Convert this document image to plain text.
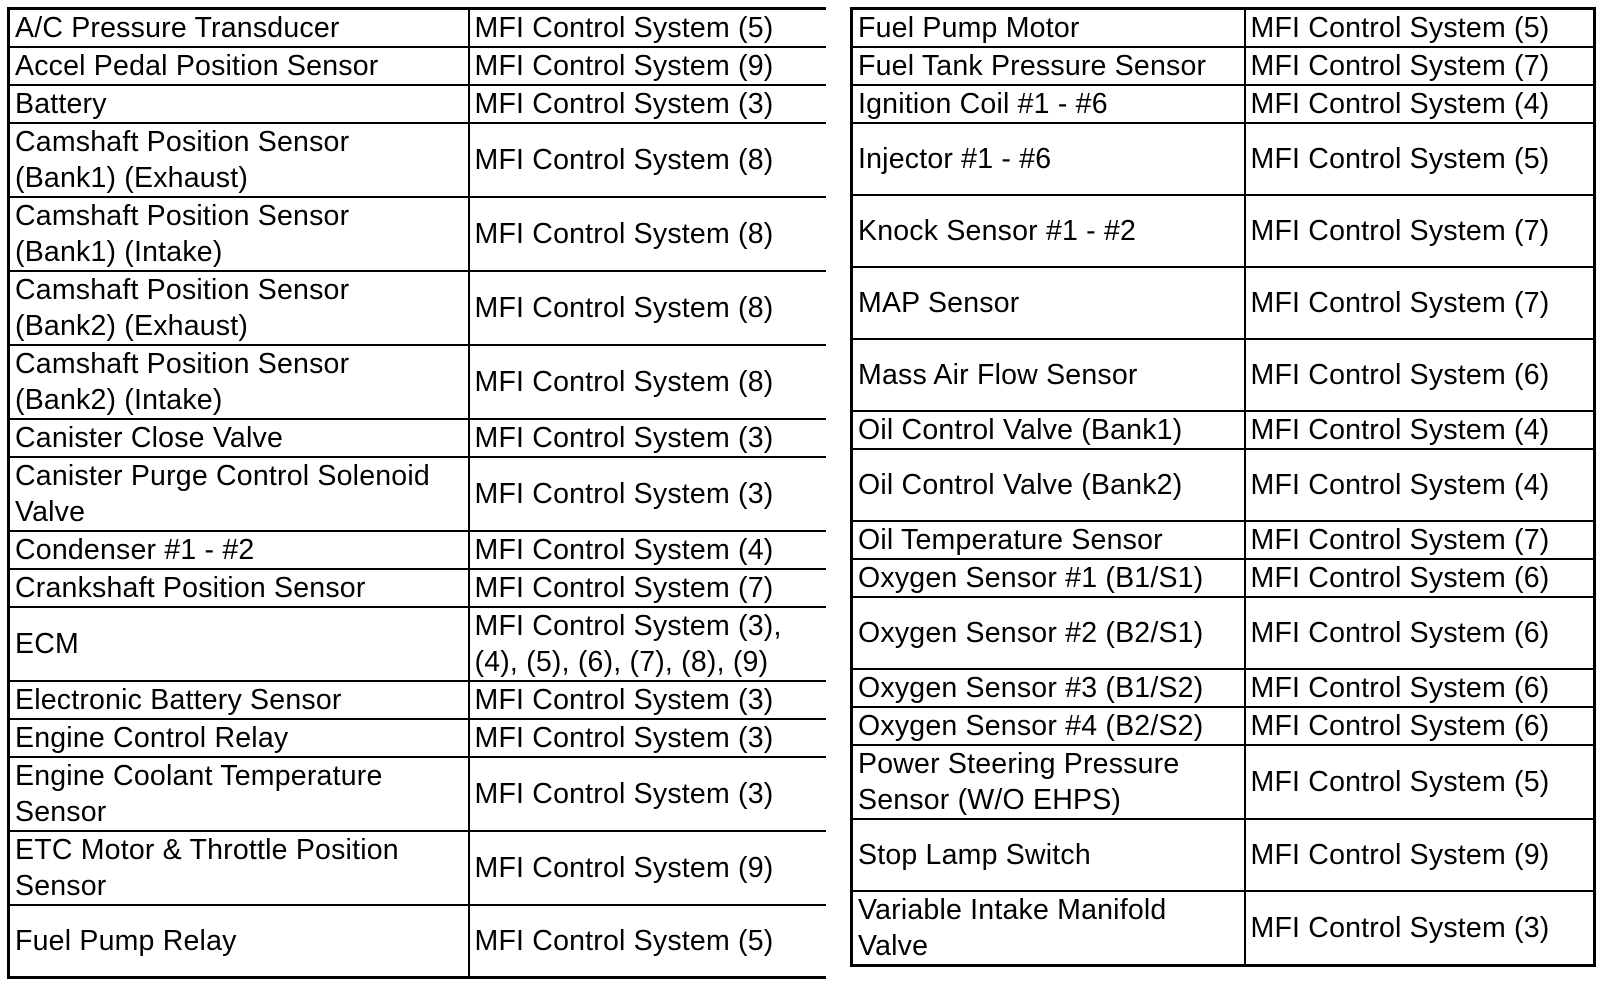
A/C Pressure Transducer	MFI Control System (5)
Accel Pedal Position Sensor	MFI Control System (9)
Battery	MFI Control System (3)
Camshaft Position Sensor
(Bank1) (Exhaust)	MFI Control System (8)
Camshaft Position Sensor
(Bank1) (Intake)	MFI Control System (8)
Camshaft Position Sensor
(Bank2) (Exhaust)	MFI Control System (8)
Camshaft Position Sensor
(Bank2) (Intake)	MFI Control System (8)
Canister Close Valve	MFI Control System (3)
Canister Purge Control Solenoid
Valve	MFI Control System (3)
Condenser #1 - #2	MFI Control System (4)
Crankshaft Position Sensor	MFI Control System (7)
ECM	MFI Control System (3),
(4), (5), (6), (7), (8), (9)
Electronic Battery Sensor	MFI Control System (3)
Engine Control Relay	MFI Control System (3)
Engine Coolant Temperature
Sensor	MFI Control System (3)
ETC Motor & Throttle Position
Sensor	MFI Control System (9)
Fuel Pump Relay	MFI Control System (5)
Fuel Pump Motor	MFI Control System (5)
Fuel Tank Pressure Sensor	MFI Control System (7)
Ignition Coil #1 - #6	MFI Control System (4)
Injector #1 - #6	MFI Control System (5)
Knock Sensor #1 - #2	MFI Control System (7)
MAP Sensor	MFI Control System (7)
Mass Air Flow Sensor	MFI Control System (6)
Oil Control Valve (Bank1)	MFI Control System (4)
Oil Control Valve (Bank2)	MFI Control System (4)
Oil Temperature Sensor	MFI Control System (7)
Oxygen Sensor #1 (B1/S1)	MFI Control System (6)
Oxygen Sensor #2 (B2/S1)	MFI Control System (6)
Oxygen Sensor #3 (B1/S2)	MFI Control System (6)
Oxygen Sensor #4 (B2/S2)	MFI Control System (6)
Power Steering Pressure
Sensor (W/O EHPS)	MFI Control System (5)
Stop Lamp Switch	MFI Control System (9)
Variable Intake Manifold
Valve	MFI Control System (3)
